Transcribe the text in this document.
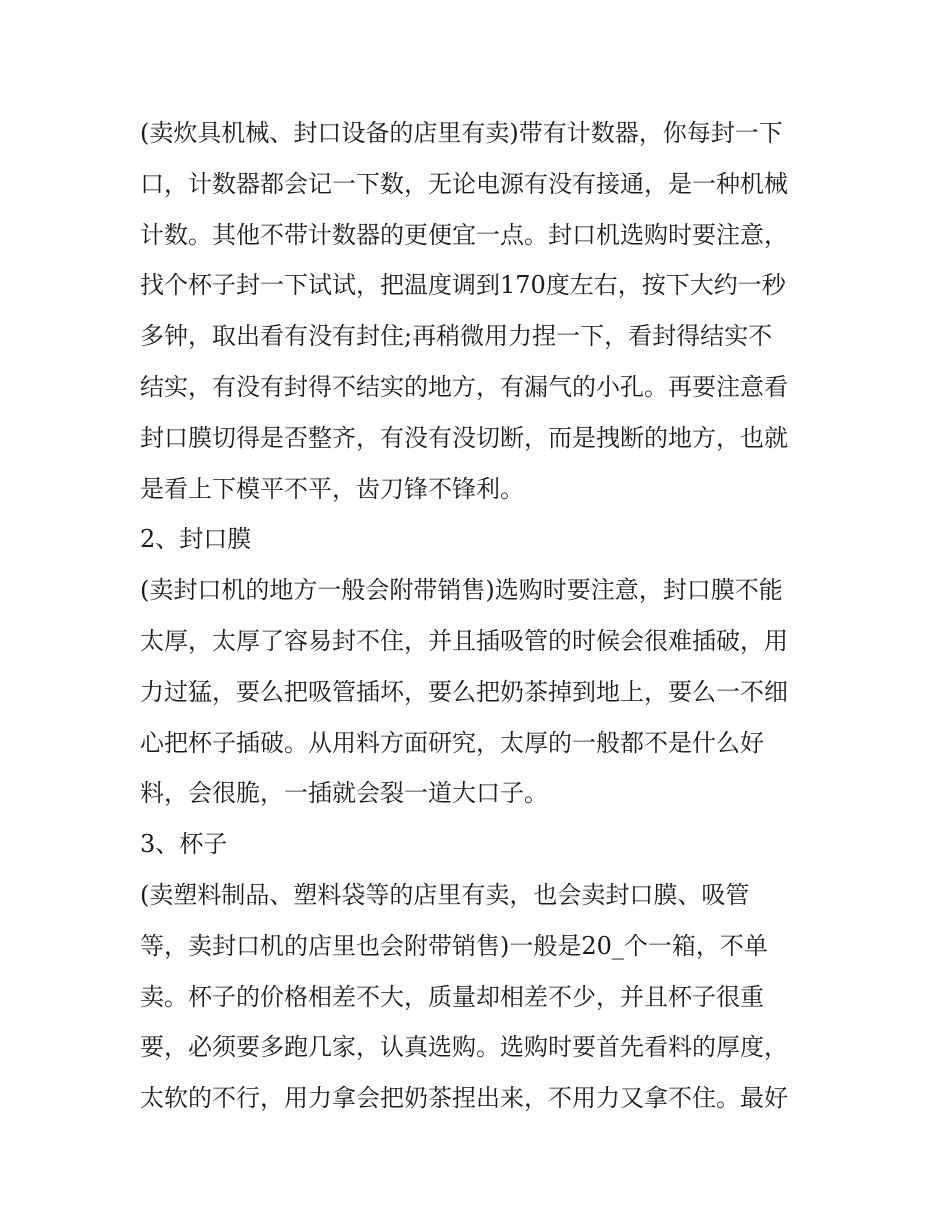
(卖炊具机械、封口设备的店里有卖)带有计数器，你每封一下
口，计数器都会记一下数，无论电源有没有接通，是一种机械
计数。其他不带计数器的更便宜一点。封口机选购时要注意，
找个杯子封一下试试，把温度调到170度左右，按下大约一秒
多钟，取出看有没有封住;再稍微用力捏一下，看封得结实不
结实，有没有封得不结实的地方，有漏气的小孔。再要注意看
封口膜切得是否整齐，有没有没切断，而是拽断的地方，也就
是看上下模平不平，齿刀锋不锋利。
2、封口膜
(卖封口机的地方一般会附带销售)选购时要注意，封口膜不能
太厚，太厚了容易封不住，并且插吸管的时候会很难插破，用
力过猛，要么把吸管插坏，要么把奶茶掉到地上，要么一不细
心把杯子插破。从用料方面研究，太厚的一般都不是什么好
料，会很脆，一插就会裂一道大口子。
3、杯子
(卖塑料制品、塑料袋等的店里有卖，也会卖封口膜、吸管
等，卖封口机的店里也会附带销售)一般是20_个一箱，不单
卖。杯子的价格相差不大，质量却相差不少，并且杯子很重
要，必须要多跑几家，认真选购。选购时要首先看料的厚度，
太软的不行，用力拿会把奶茶捏出来，不用力又拿不住。最好
